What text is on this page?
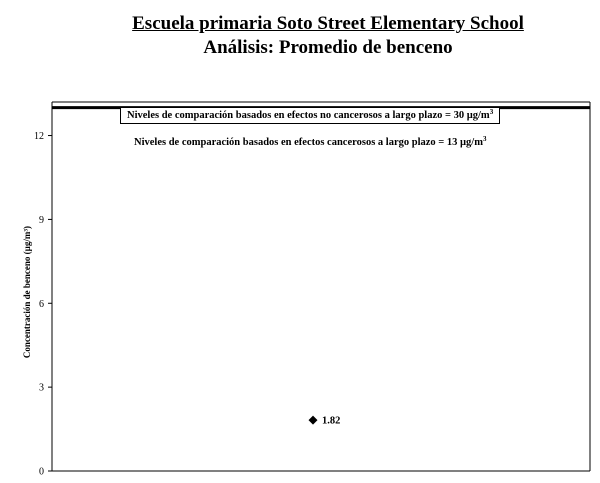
Escuela primaria Soto Street Elementary School
Análisis: Promedio de benceno
0
3
6
9
12
1.82
Concentración de benceno (µg/m³)
Niveles de comparación basados en efectos no cancerosos a largo plazo = 30 $\mu g/m^3$
Niveles de comparación basados en efectos cancerosos a largo plazo = 13 $\mu g/m^3$
